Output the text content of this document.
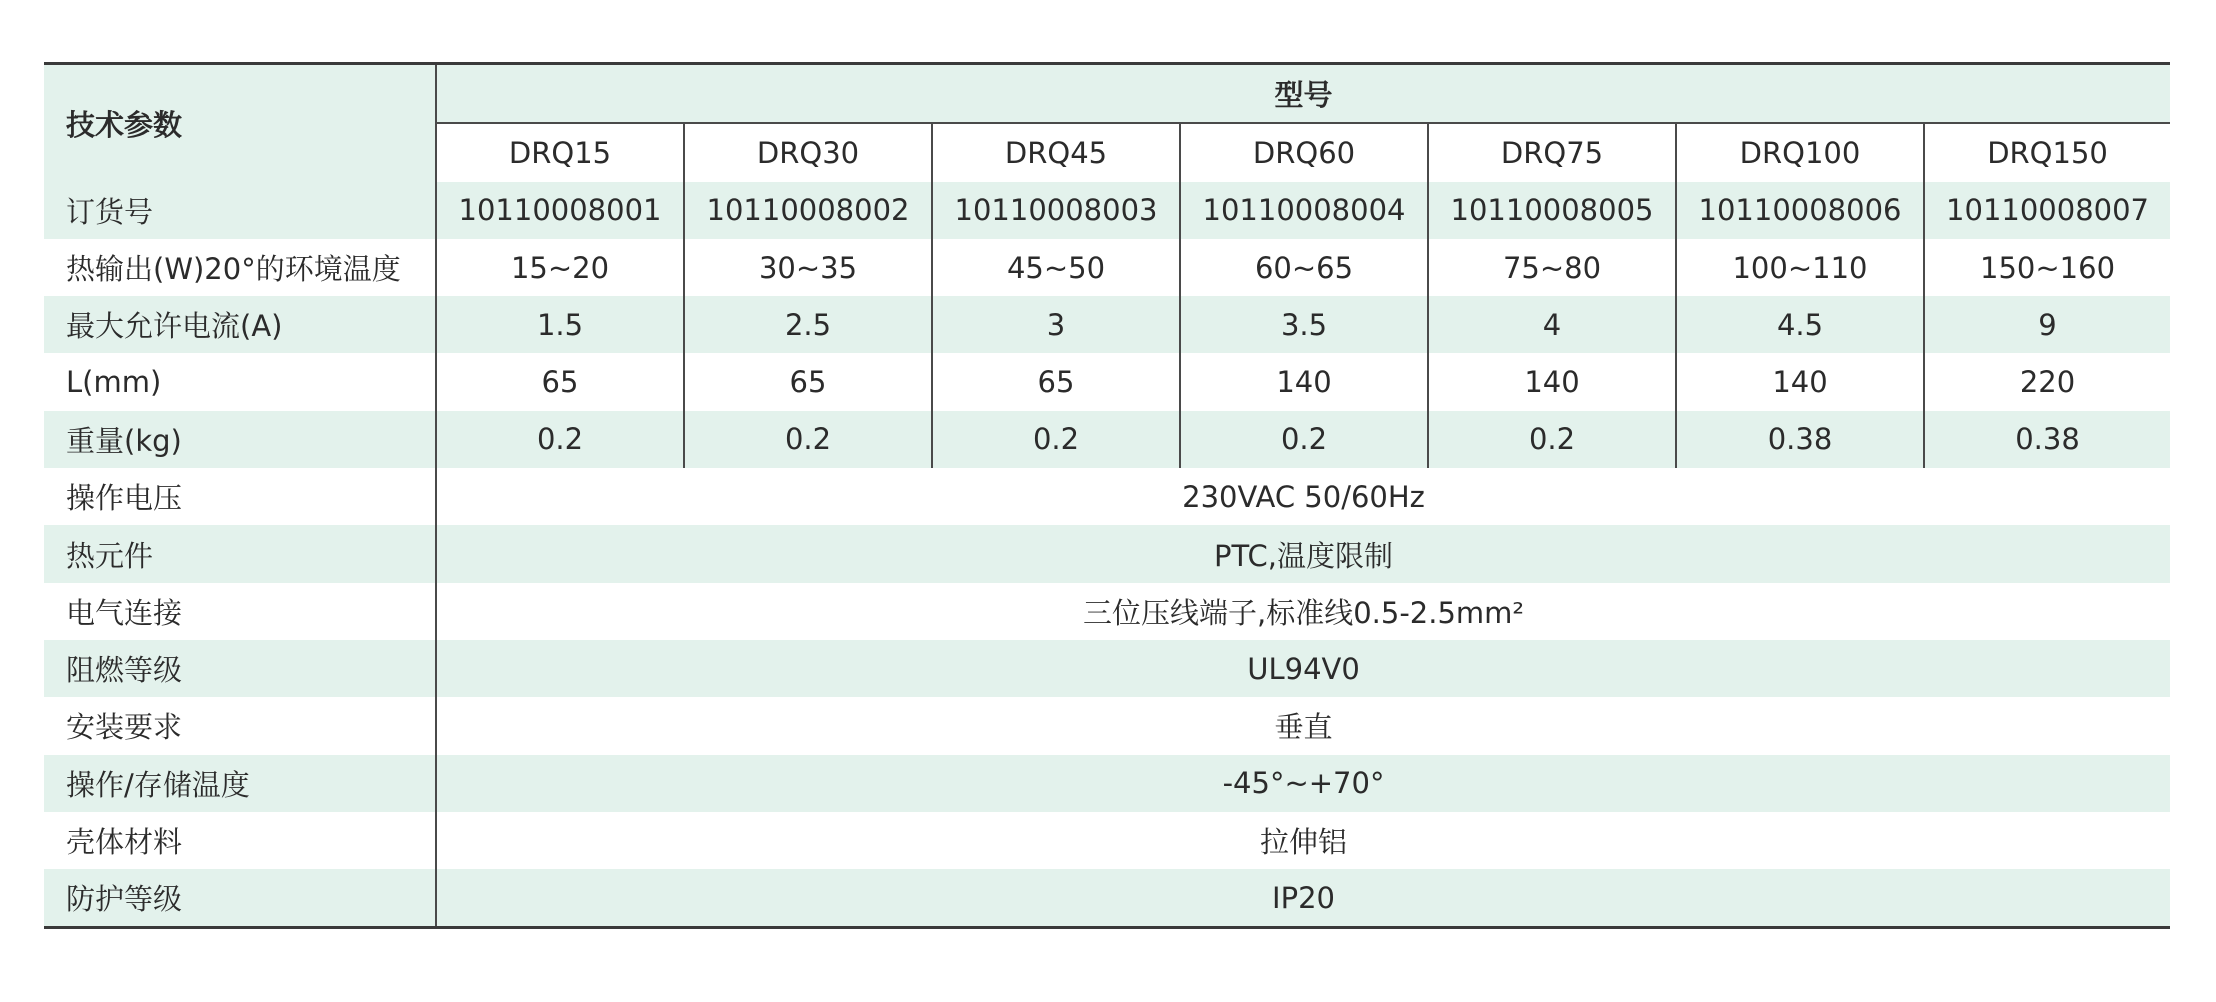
技术参数	型号						
	DRQ15	DRQ30	DRQ45	DRQ60	DRQ75	DRQ100	DRQ150
订货号	10110008001	10110008002	10110008003	10110008004	10110008005	10110008006	10110008007
热输出(W)20°的环境温度	15~20	30~35	45~50	60~65	75~80	100~110	150~160
最大允许电流(A)	1.5	2.5	3	3.5	4	4.5	9
L(mm)	65	65	65	140	140	140	220
重量(kg)	0.2	0.2	0.2	0.2	0.2	0.38	0.38
操作电压	230VAC 50/60Hz						
热元件	PTC,温度限制						
电气连接	三位压线端子,标准线0.5-2.5mm²						
阻燃等级	UL94V0						
安装要求	垂直						
操作/存储温度	-45°~+70°						
壳体材料	拉伸铝						
防护等级	IP20						
